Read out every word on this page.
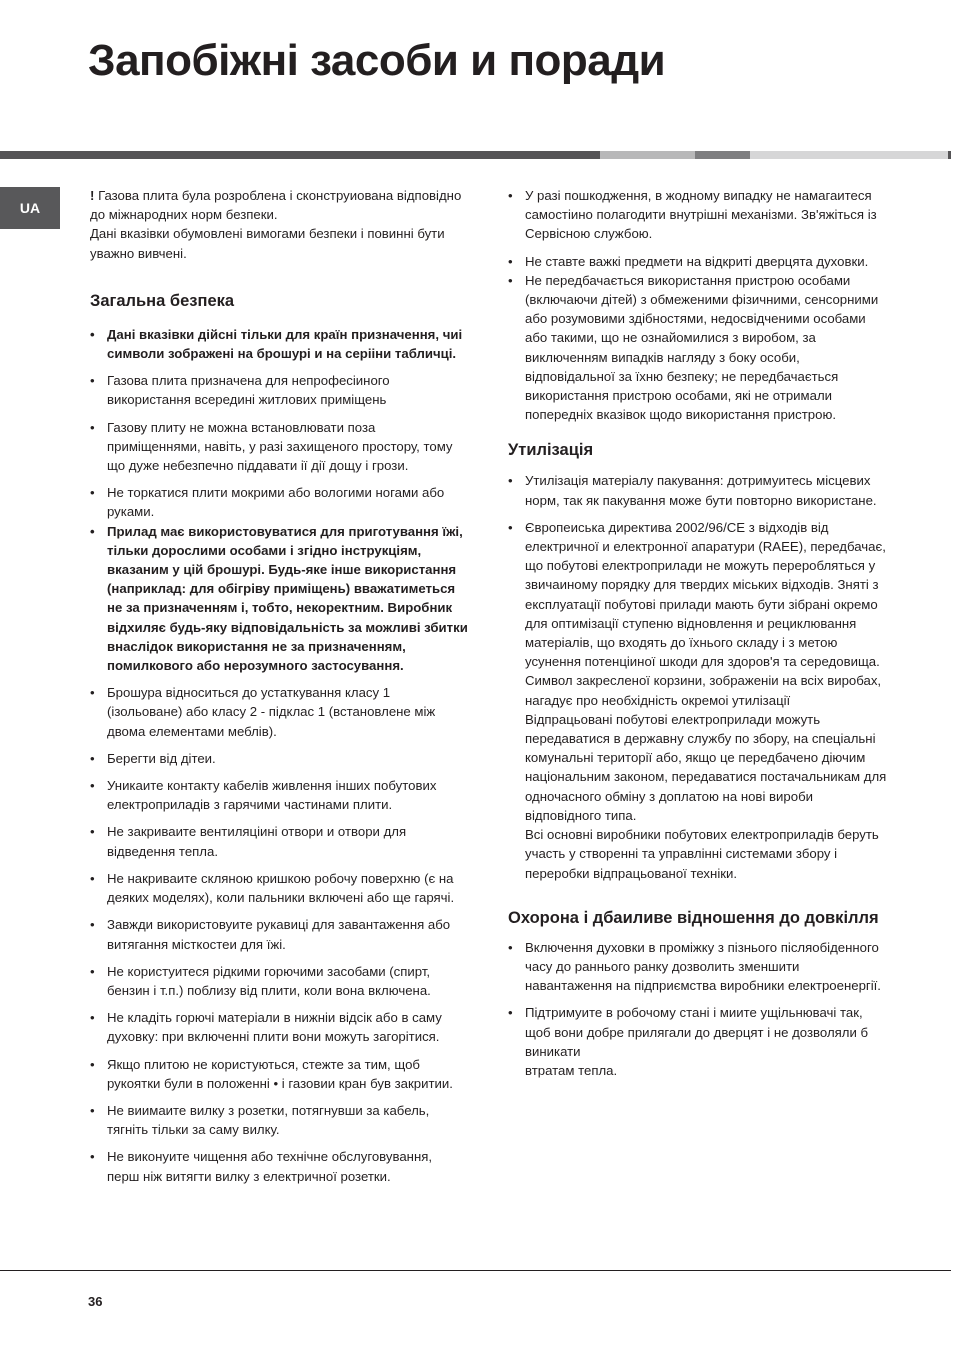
Запобіжні засоби и поради
UA

! Газова плита була розроблена і сконструиована відповідно до міжнародних норм безпеки.

Дані вказівки обумовлені вимогами безпеки і повинні бути уважно вивчені.

Загальна безпека
• Дані вказівки дійсні тільки для країн призначення, чиі символи зображені на брошурі и на серііни табличці.
• Газова плита призначена для непрофесіиного використання всередині житлових приміщень
• Газову плиту не можна встановлювати поза приміщеннями, навіть, у разі захищеного простору, тому що дуже небезпечно піддавати ії дії дощу і грози.
• Не торкатися плити мокрими або вологими ногами або руками.
• Прилад має використовуватися для приготування їжі, тільки дорослими особами і згідно інструкціям, вказаним у цій брошурі. Будь-яке інше використання (наприклад: для обігріву приміщень) вважатиметься не за призначенням і, тобто, некоректним. Виробник відхиляє будь-яку відповідальність за можливі збитки внаслідок використання не за призначенням, помилкового або нерозумного застосування.
• Брошура відноситься до устаткування класу 1 (ізольоване) або класу 2 - підклас 1 (встановлене між двома елементами меблів).
• Берегти від дітеи.
• Уникаите контакту кабелів живлення інших побутових електроприладів з гарячими частинами плити.
• Не закриваите вентиляціині отвори и отвори для відведення тепла.
• Не накриваите скляною кришкою робочу поверхню (є на деяких моделях), коли пальники включені або ще гарячі.
• Завжди використовуите рукавиці для завантаження або витягання місткостеи для їжі.
• Не користуитеся рідкими горючими засобами (спирт, бензин і т.п.) поблизу від плити, коли вона включена.
• Не кладіть горючі матеріали в нижніи відсік або в саму духовку: при включенні плити вони можуть загорітися.
• Якщо плитою не користуються, стежте за тим, щоб рукоятки були в положенні • і газовии кран був закритии.
• Не виимаите вилку з розетки, потягнувши за кабель, тягніть тільки за саму вилку.
• Не виконуите чищення або технічне обслуговування, перш ніж витягти вилку з електричної розетки.
• У разі пошкодження, в жодному випадку не намагаитеся самостіино полагодити внутрішні механізми. Зв'яжіться із Сервісною службою.
• Не ставте важкі предмети на відкриті дверцята духовки.
• Не передбачається використання пристрою особами (включаючи дітей) з обмеженими фізичними, сенсорними або розумовими здібностями, недосвідченими особами або такими, що не ознайомилися з виробом, за виключенням випадків нагляду з боку особи, відповідальної за їхню безпеку; не передбачається використання пристрою особами, які не отримали попередніх вказівок щодо використання пристрою.
Утилізація
• Утилізація матеріалу пакування: дотримуитесь місцевих норм, так як пакування може бути повторно використане.
• Європеиська директива 2002/96/CE з відходів від електричної и електронної апаратури (RAEE), передбачає, що побутові електроприлади не можуть переробляться у звичаиному порядку для твердих міських відходів. Зняті з експлуатації побутові прилади мають бути зібрані окремо для оптимізації ступеню відновлення и рециклювання матеріалів, що входять до їхнього складу і з метою усунення потенціиної шкоди для здоров'я та середовища. Символ закресленої корзини, зображеніи на всіх виробах, нагадує про необхідність окремоі утилізації
Відпрацьовані побутові електроприлади можуть передаватися в державну службу по збору, на спеціальні комунальні території або, якщо це передбачено діючим національним законом, передаватися постачальникам для одночасного обміну з доплатою на нові вироби відповідного типа.
Всі основні виробники побутових електроприладів беруть участь у створенні та управлінні системами збору і переробки відпрацьованої техніки.
Охорона і дбаиливе відношення до довкілля
• Включення духовки в проміжку з пізнього післяобіденного часу до раннього ранку дозволить зменшити навантаження на підприємства виробники електроенергії.
• Підтримуите в робочому стані і миите ущільнювачі так, щоб вони добре прилягали до дверцят і не дозволяли б виникати
втратам тепла.
36
